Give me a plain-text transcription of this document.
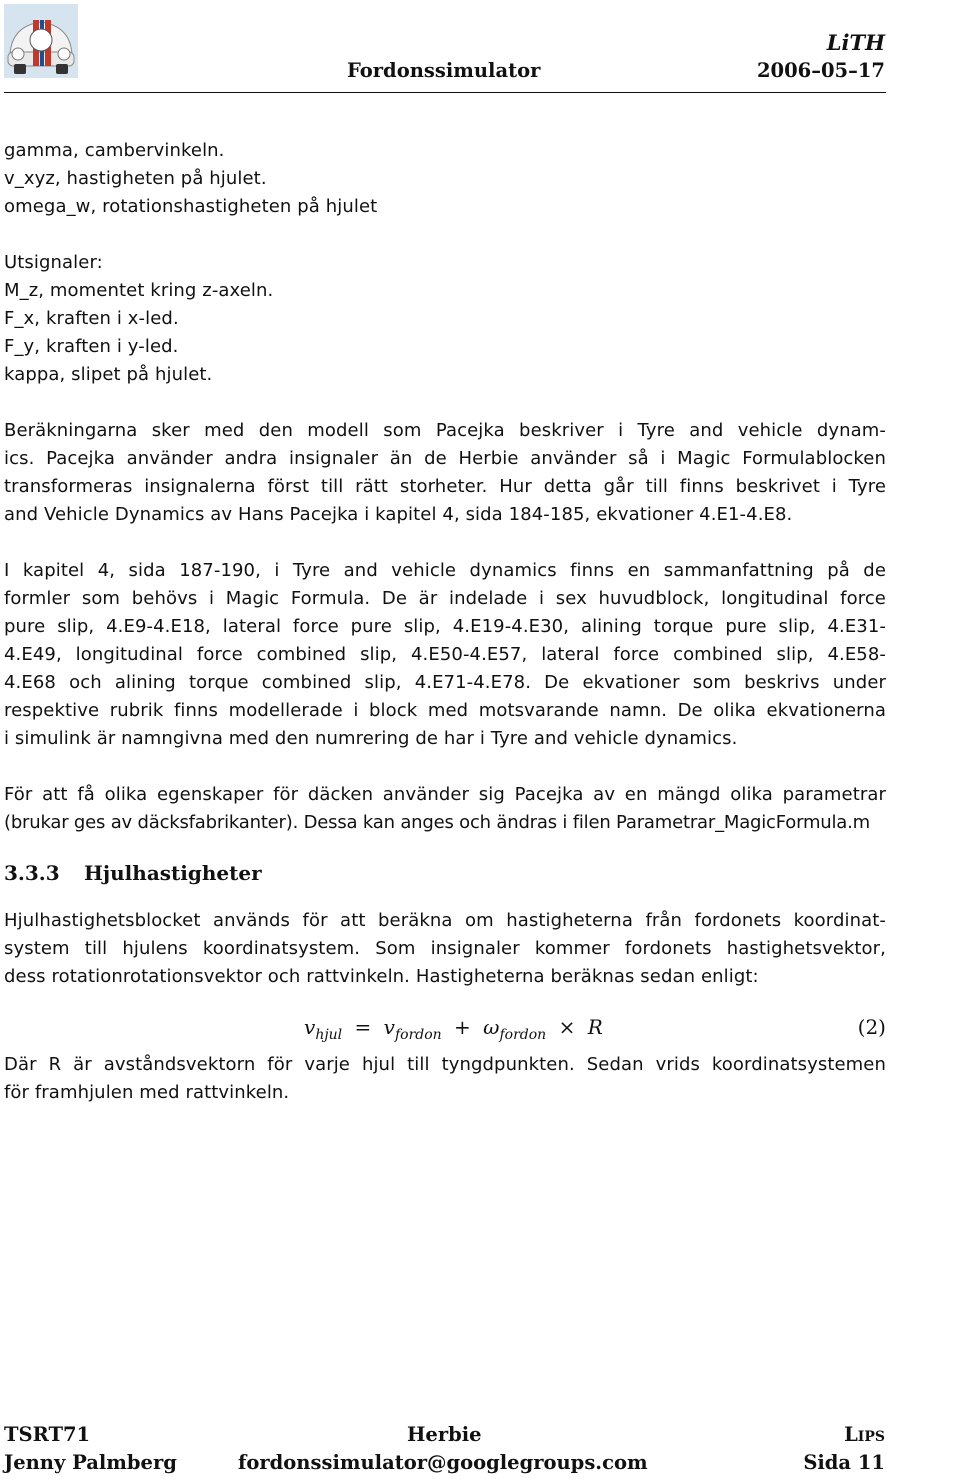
Fordonssimulator
LiTH
2006–05–17
gamma, cambervinkeln.
v_xyz, hastigheten på hjulet.
omega_w, rotationshastigheten på hjulet
Utsignaler:
M_z, momentet kring z-axeln.
F_x, kraften i x-led.
F_y, kraften i y-led.
kappa, slipet på hjulet.
Beräkningarna sker med den modell som Pacejka beskriver i Tyre and vehicle dynam-
ics. Pacejka använder andra insignaler än de Herbie använder så i Magic Formulablocken
transformeras insignalerna först till rätt storheter. Hur detta går till finns beskrivet i Tyre
and Vehicle Dynamics av Hans Pacejka i kapitel 4, sida 184-185, ekvationer 4.E1-4.E8.
I kapitel 4, sida 187-190, i Tyre and vehicle dynamics finns en sammanfattning på de
formler som behövs i Magic Formula. De är indelade i sex huvudblock, longitudinal force
pure slip, 4.E9-4.E18, lateral force pure slip, 4.E19-4.E30, alining torque pure slip, 4.E31-
4.E49, longitudinal force combined slip, 4.E50-4.E57, lateral force combined slip, 4.E58-
4.E68 och alining torque combined slip, 4.E71-4.E78. De ekvationer som beskrivs under
respektive rubrik finns modellerade i block med motsvarande namn. De olika ekvationerna
i simulink är namngivna med den numrering de har i Tyre and vehicle dynamics.
För att få olika egenskaper för däcken använder sig Pacejka av en mängd olika parametrar
(brukar ges av däcksfabrikanter). Dessa kan anges och ändras i filen Parametrar_MagicFormula.m
3.3.3 Hjulhastigheter
Hjulhastighetsblocket används för att beräkna om hastigheterna från fordonets koordinat-
system till hjulens koordinatsystem. Som insignaler kommer fordonets hastighetsvektor,
dess rotationrotationsvektor och rattvinkeln. Hastigheterna beräknas sedan enligt:
$v_{hjul} = v_{fordon} + \omega_{fordon} \times R$	(2)
Där R är avståndsvektorn för varje hjul till tyngdpunkten. Sedan vrids koordinatsystemen
för framhjulen med rattvinkeln.
TSRT71
Jenny Palmberg
Herbie
fordonssimulator@googlegroups.com
Lips
Sida 11
